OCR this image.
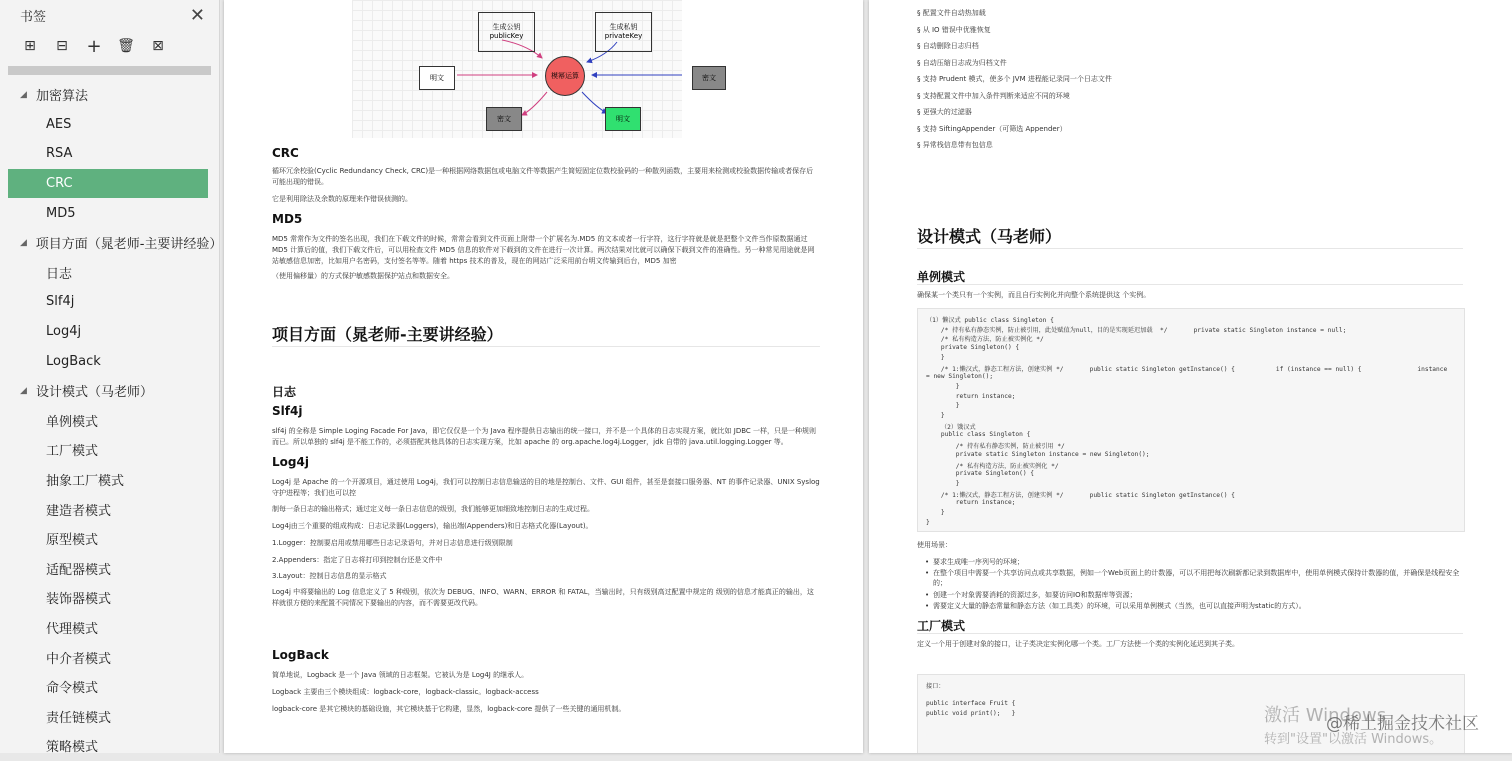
书签	✕
⊞ ⊟ + 🗑 ⊠
◢ 加密算法
AES
RSA
CRC
MD5
◢ 项目方面（晁老师-主要讲经验）
日志
Slf4j
Log4j
LogBack
◢ 设计模式（马老师）
单例模式
工厂模式
抽象工厂模式
建造者模式
原型模式
适配器模式
装饰器模式
代理模式
中介者模式
命令模式
责任链模式
策略模式
生成公钥
publicKey
生成私钥
privateKey
明文	模幂运算	密文
密文	明文
CRC
循环冗余校验(Cyclic Redundancy Check, CRC)是一种根据网络数据包或电脑文件等数据产生简短固定位数校验码的一种散列函数，主要用来检测或校验数据传输或者保存后可能出现的错误。
它是利用除法及余数的原理来作错误侦测的。
MD5
MD5 常常作为文件的签名出现，我们在下载文件的时候，常常会看到文件页面上附带一个扩展名为.MD5 的文本或者一行字符，这行字符就是就是把整个文件当作原数据通过 MD5 计算后的值，我们下载文件后，可以用检查文件 MD5 信息的软件对下载到的文件在进行一次计算。两次结果对比就可以确保下载到文件的准确性。另一种常见用途就是网站敏感信息加密，比如用户名密码，支付签名等等。随着 https 技术的普及，现在的网站广泛采用前台明文传输到后台，MD5 加密
（使用偏移量）的方式保护敏感数据保护站点和数据安全。
项目方面（晁老师-主要讲经验）
日志
Slf4j
slf4j 的全称是 Simple Loging Facade For Java，即它仅仅是一个为 Java 程序提供日志输出的统一接口，并不是一个具体的日志实现方案，就比如 JDBC 一样，只是一种规则而已。所以单独的 slf4j 是不能工作的，必须搭配其他具体的日志实现方案，比如 apache 的 org.apache.log4j.Logger，jdk 自带的 java.util.logging.Logger 等。
Log4j
Log4j 是 Apache 的一个开源项目，通过使用 Log4j，我们可以控制日志信息输送的目的地是控制台、文件、GUI 组件，甚至是套接口服务器、NT 的事件记录器、UNIX Syslog 守护进程等；我们也可以控
制每一条日志的输出格式；通过定义每一条日志信息的级别，我们能够更加细致地控制日志的生成过程。
Log4j由三个重要的组成构成：日志记录器(Loggers)，输出端(Appenders)和日志格式化器(Layout)。
1.Logger：控制要启用或禁用哪些日志记录语句，并对日志信息进行级别限制
2.Appenders：指定了日志将打印到控制台还是文件中
3.Layout：控制日志信息的显示格式
Log4j 中将要输出的 Log 信息定义了 5 种级别，依次为 DEBUG、INFO、WARN、ERROR 和 FATAL，当输出时，只有级别高过配置中规定的 级别的信息才能真正的输出，这样就很方便的来配置不同情况下要输出的内容，而不需要更改代码。
LogBack
简单地说，Logback 是一个 Java 领域的日志框架。它被认为是 Log4J 的继承人。
Logback 主要由三个模块组成：logback-core，logback-classic。logback-access
logback-core 是其它模块的基础设施，其它模块基于它构建，显然，logback-core 提供了一些关键的通用机制。
§ 配置文件自动热加载
§ 从 IO 错误中优雅恢复
§ 自动删除日志归档
§ 自动压缩日志成为归档文件
§ 支持 Prudent 模式，使多个 JVM 进程能记录同一个日志文件
§ 支持配置文件中加入条件判断来适应不同的环境
§ 更强大的过滤器
§ 支持 SiftingAppender（可筛选 Appender）
§ 异常栈信息带有包信息
设计模式（马老师）
单例模式
确保某一个类只有一个实例，而且自行实例化并向整个系统提供这 个实例。
（1）懒汉式 public class Singleton {
/* 持有私有静态实例，防止被引用，此处赋值为null，目的是实现延迟加载  */       private static Singleton instance = null;
/* 私有构造方法，防止被实例化 */
private Singleton() {
}
/* 1:懒汉式，静态工程方法，创建实例 */       public static Singleton getInstance() {           if (instance == null) {               instance
= new Singleton();
}
return instance;
}
}
（2）饿汉式
public class Singleton {
/* 持有私有静态实例，防止被引用 */
private static Singleton instance = new Singleton();
/* 私有构造方法，防止被实例化 */
private Singleton() {
}
/* 1:懒汉式，静态工程方法，创建实例 */       public static Singleton getInstance() {
return instance;
}
}
使用场景：
• 要求生成唯一序列号的环境；
• 在整个项目中需要一个共享访问点或共享数据，例如一个Web页面上的计数器，可以不用把每次刷新都记录到数据库中，使用单例模式保持计数器的值，并确保是线程安全的；
• 创建一个对象需要消耗的资源过多，如要访问IO和数据库等资源；
• 需要定义大量的静态常量和静态方法（如工具类）的环境，可以采用单例模式（当然，也可以直接声明为static的方式）。
工厂模式
定义一个用于创建对象的接口，让子类决定实例化哪一个类。工厂方法使一个类的实例化延迟到其子类。
接口：
public interface Fruit {
public void print();   }	激活 Windows
@稀土掘金技术社区
转到"设置"以激活 Windows。
